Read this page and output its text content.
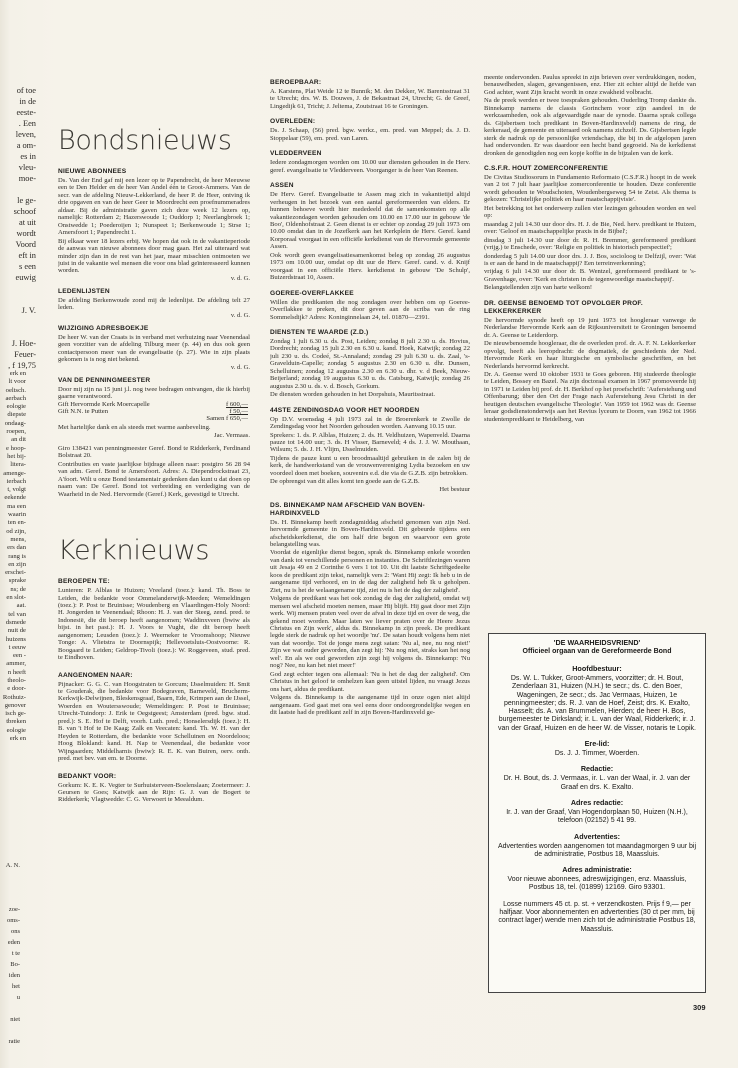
of toe
in de
eeste-
. Een
leven,
a om-
es in
vleu-
moe-

le ge-
schoof
at uit
wordt
Voord
eft in
s een
euwig

J. V.

J. Hoe-
Feuer-
, f 19,75
erk en
lt voor
oeltsch.
aerbach
eologie
diepste
ondaag-
roepen,
an dit
e hoop-
het bij-
litera-
amenge-
ierbach
t, volgt
eekende
ma een
waarin
ten en-
od zijn,
mens,
ers dan
rang is
en zijn
erschei-
sprake
ns; de
en slot-
aat.
tel van
dsmede
nuit de
huizens
t eeuw
een -
ammer,
n heeft
theolo-
e door-
Rothuiz-
genover
isch ge-
tbreken
eologie
erk en
A. N.

zoe-
oms-
ons
eden
t te
Bo-
iden
het
u

niet

ratie
Bondsnieuws
NIEUWE ABONNEES

Ds. Van der End gaf mij een lezer op te Papendrecht, de heer Meeuwse een te Den Helder en de heer Van Andel één te Groot-Ammers. Van de secr. van de afdeling Nieuw-Lekkerland, de heer P. de Heer, ontving ik drie opgaven en van de heer Geer te Moordrecht een proefnummeradres aldaar. Bij de administratie gaven zich deze week 12 lezers op, namelijk: Rotterdam 2; Hazerswoude 1; Ouddorp 1; Neerlangbroek 1; Onstwedde 1; Poederoijen 1; Nunspeet 1; Berkenwoude 1; Strse 1; Amersfoort 1; Papendrecht 1.

Bij elkaar weer 18 lezers erbij. We hopen dat ook in de vakantieperiode de aanwas van nieuwe abonnees door mag gaan. Het zal uiteraard wat minder zijn dan in de rest van het jaar, maar misschien ontmoeten we juist in de vakantie wel mensen die voor ons blad geïnteresseerd kunnen worden.

v. d. G.
LEDENLIJSTEN

De afdeling Berkenwoude zond mij de ledenlijst. De afdeling telt 27 leden.

v. d. G.
WIJZIGING ADRESBOEKJE

De heer W. van der Craats is in verband met verhuizing naar Veenendaal geen vorzitter van de afdeling Tilburg meer (p. 44) en dus ook geen contactpersoon meer van de evangelisatie (p. 27). Wie in zijn plaats gekomen is is nog niet bekend.

v. d. G.
VAN DE PENNINGMEESTER

Door mij zijn na 15 juni j.l. nog twee bedragen ontvangen, die ik hierbij gaarne verantwoord.

Gift Hervormde Kerk Moercapelle	f 600,—
Gift N.N. te Putten	f 50,—
Samen f 650,—

Met hartelijke dank en als steeds met warme aanbeveling.

Jac. Vermaas.

Giro 138421 van penningmeester Geref. Bond te Ridderkerk, Ferdinand Bolstraat 20.

Contributies en vaste jaarlijkse bijdrage alleen naar: postgiro 56 28 94 van adm. Geref. Bond te Amersfoort. Adres: A. Diependrockstraat 23, A'foort. Wilt u onze Bond testamentair gedenken dan kunt u dat doen op naam van: De Geref. Bond tot verbreiding en verdediging van de Waarheid in de Ned. Hervormde (Geref.) Kerk, gevestigd te Utrecht.

Kerknieuws
BEROEPEN TE:

Lunteren: P. Alblas te Huizen; Vreeland (toez.): kand. Th. Boss te Leiden, die bedankte voor Ommelanderwijk-Meeden; Wemeldingen (toez.): P. Post te Bruinisse; Woudenberg en Vlaardingen-Holy Noord: H. Jongerden te Veenendaal; Rhoon: H. J. van der Steeg, zend. pred. te Indonesië, die dit beroep heeft aangenomen; Waddinxveen (bwiw als bijst. in het past.): H. J. Voors te Vught, die dit beroep heeft aangenomen; Leusden (toez.): J. Weerneker te Vroomshoop; Nieuwe Tonge: A. Vlietstra te Doornspijk; Hellevoetsluis-Oostvoorne: R. Boogaard te Leiden; Geldrop-Tivoli (toez.): W. Roggeveen, stud. pred. te Eindhoven.

AANGENOMEN NAAR:

Pijnacker: G. G. C. van Hoogstraten te Gorcum; IJsselmuiden: H. Smit te Gouderak, die bedankte voor Bodegraven, Barneveld, Brucherm-Kerkwijk-Delwijnen, Bleskensgraaf, Baarn, Ede, Krimpen aan de IJssel, Woerden en Woutersswoude; Wemeldingen: P. Post te Bruinisse; Utrecht-Tuindorp: J. Erik te Oegstgeest; Amsterdam (pred. bgw. stud. pred.): S. E. Hof te Delft, voorh. Luth. pred.; Honselersdijk (toez.): H. B. van 't Hof te De Kaag; Zalk en Veecaten: kand. Th. W. H. van der Heyden te Rotterdam, die bedankte voor Schelluinen en Noordeloos; Hoog Blokland: kand. H. Nap te Veenendaal, die bedankte voor Wijngaarden; Middelharnis (bwiw): R. E. K. van Buiren, oerv. onth. pred. met bev. van em. te Doorne.

BEDANKT VOOR:

Gorkum: K. E. K. Vegter te Surhuisterveen-Boelenslaan; Zoetermeer: J. Geursen te Goes; Katwijk aan de Rijn: G. J. van de Bogert te Ridderkerk; Vlagtwedde: C. G. Verwoert te Meealdum.

BEROEPBAAR:

A. Karstens, Plat Weide 12 te Bunnik; M. den Dekker, W. Barentsstraat 31 te Utrecht; drs. W. B. Douwes, J. de Bekastraat 24, Utrecht; G. de Greef, Lingedijk 61, Tricht; J. Jeltema, Zoutstraat 16 te Groningen.

OVERLEDEN:

Ds. J. Schaap, (56) pred. bgw. werkz., em. pred. van Meppel; ds. J. D. Stoppelaar (59), em. pred. van Laren.

VLEDDERVEEN

Iedere zondagmorgen worden om 10.00 uur diensten gehouden in de Herv. geref. evangelisatie te Vledderveen. Voorganger is de heer Van Reenen.

ASSEN

De Herv. Geref. Evangelisatie te Assen mag zich in vakantietijd altijd verheugen in het bezoek van een aantal gereformeerden van elders. Er hunnen behoeve wordt hier mededeeld dat de samenkomsten op alle vakantiezondagen worden gehouden om 10.00 en 17.00 uur in gebouw 'de Boo', Oldenhofstraat 2. Geen dienst is er echter op zondag 29 juli 1973 om 10.00 omdat dan in de Jozefkerk aan het Kerkplein de Herv. Geref. kand Korporaal voorgaat in een officiële kerkdienst van de Hervormde gemeente Assen.

Ook wordt geen evangelisatiesamenkomst beleg op zondag 26 augustus 1973 om 10.00 uur, omdat op dit uur de Herv. Geref. cand. v. d. Knijf voorgaat in een officiële Herv. kerkdienst in gebouw 'De Schulp', Buizerdstraat 10, Assen.

GOEREE-OVERFLAKKEE

Willen die predikanten die nog zondagen over hebben om op Goeree-Overflakkee te preken, dit door geven aan de scriba van de ring Sommelsdijk? Adres: Koninginnelaan 24, tel. 01870—2391.

DIENSTEN TE WAARDE (Z.D.)

Zondag 1 juli 6.30 u. ds. Post, Leiden; zondag 8 juli 2.30 u. ds. Hovius, Dordrecht; zondag 15 juli 2.30 en 6.30 u. kand. Hoek, Katwijk; zondag 22 juli 230 u. ds. Codeé, St.-Annaland; zondag 29 juli 6.30 u. ds. Zaal, 's-Gravelduin-Capelle; zondag 5 augustus 2.30 en 6.30 u. dhr. Dunsen, Schelluinen; zondag 12 augustus 2.30 en 6.30 u. dhr. v. d Beek, Nieuw-Beijerland; zondag 19 augustus 6.30 u. ds. Catsburg, Katwijk; zondag 26 augustus 2.30 u. ds. v. d. Bosch, Gorkum.

De diensten worden gehouden in het Dorpshuis, Mauritsstraat.

44STE ZENDINGSDAG VOOR HET NOORDEN

Op D.V. woensdag 4 juli 1973 zal in de Broerenkerk te Zwolle de Zendingsdag voor het Noorden gehouden worden. Aanvang 10.15 uur.

Sprekers: 1. ds. P. Alblas, Huizen; 2. ds. H. Veldhuizen, Wapenveld. Daarna pauze tot 14.00 uur; 3. ds. H Visser, Barneveld; 4 ds. J. J. W. Mouthaan, Wilsum; 5. ds. J. H. Vlijm, IJsselmuiden.

Tijdens de pauze kunt u een broodmaaltijd gebruiken in de zalen bij de kerk, de handwerkstand van de vrouwenvereniging Lydia bezoeken en uw voordeel doen met boeken, souvenirs e.d. die via de G.Z.B. zijn betrokken.

De opbrengst van dit alles komt ten goede aan de G.Z.B.

Het bestuur
DS. BINNEKAMP NAM AFSCHEID VAN BOVEN-HARDINXVELD

Ds. H. Binnekamp heeft zondagmiddag afscheid genomen van zijn Ned. hervormde gemeente in Boven-Hardinxveld. Dit gebeurde tijdens een afscheidskerkdienst, die om half drie begon en waarvoor een grote belangstelling was.

Voordat de eigenlijke dienst begon, sprak ds. Binnekamp enkele woorden van dank tot verschillende personen en instanties. De Schriftlezingen waren uit Jesaja 49 en 2 Corinthe 6 vers 1 tot 10. Uit dit laatste Schriftgedeelte koos de predikant zijn tekst, namelijk vers 2: 'Want Hij zegt: Ik heb u in de aangename tijd verhoord, en in de dag der zaligheid heb Ik u geholpen. Ziet, nu is het de welaangename tijd, ziet nu is het de dag der zaligheid'.

Volgens de predikant was het ook zondag de dag der zaligheid, omdat wij mensen wel afscheid moeten nemen, maar Hij blijft. Hij gaat door met Zijn werk. Wij mensen praten veel over de afval in deze tijd en over de weg, die gekend moet worden. Maar laten we liever praten over de Heere Jezus Christus en Zijn werk', aldus ds. Binnekamp in zijn preek. De predikant legde sterk de nadruk op het woordje 'nu'. De satan houdt volgens hem niet van dat woordje. Tot de jonge mens zegt satan: 'Nu al, nee, nu nog niet!' Zijn we wat ouder geworden, dan zegt hij: 'Nu nog niet, straks kan het nog wel'. En als we oud geworden zijn zegt hij volgens ds. Binnekamp: 'Nu nog? Nee, nu kan het niet meer!'

God zegt echter tegen ons allemaal: 'Nu is het de dag der zaligheid'. Om Christus in het geloof te omhelzen kan geen uitstel lijden, nu vraagt Jezus ons hart, aldus de predikant.

Volgens ds. Binnekamp is die aangename tijd in onze ogen niet altijd aangenaam. God gaat met ons wel eens door ondoorgrondelijke wegen en dit laatste had de predikant zelf in zijn Boven-Hardinxveld ge-

meente ondervonden. Paulus spreekt in zijn brieven over verdrukkingen, noden, benauwdheden, slagen, gevangenissen, enz. Hier zit echter altijd de liefde van God achter, want Zijn kracht wordt in onze zwakheid volbracht.

Na de preek werden er twee toespraken gehouden. Ouderling Tromp dankte ds. Binnekamp namens de classis Gorinchem voor zijn aandeel in de werkzaamheden, ook als afgevaardigde naar de synode. Daarna sprak collega ds. Gijsbertsen toch predikant in Boven-Hardinxveld) namens de ring, de kerkeraad, de gemeente en uiteraard ook namens zichzelf. Ds. Gijsbertsen legde sterk de nadruk op de persoonlijke vriendschap, die bij in de afgelopen jaren had ondervonden. Er was daardoor een hecht band gegroeid. Na de kerkdienst dronken de genodigden nog een kopje koffie in de bijzalen van de kerk.

C.S.F.R. HOUT ZOMERCONFERENTIE

De Civitas Studiosorum in Fundamento Reformato (C.S.F.R.) hoopt in de week van 2 tot 7 juli haar jaarlijkse zomerconferentie te houden. Deze conferentie wordt gehouden te Woudschoten, Woudenbergseweg 54 te Zeist. Als thema is gekozen: 'Christelijke politiek en haar maatschappijvisie'.

Het betrekking tot het onderwerp zullen vier lezingen gehouden worden en wel op:

maandag 2 juli 14.30 uur door drs. H. J. de Bie, Ned. herv. predikant te Huizen, over: 'Geloof en maatschappelijke praxis in de Bijbel';

dinsdag 3 juli 14.30 uur door dr. R. H. Bremmer, gereformeerd predikant (vrijg.) te Enschede, over: 'Religie en politiek in historisch perspectief';

donderdag 5 juli 14.00 uur door drs. J. J. Bos, socioloog te Delfzijl, over: 'Wat is er aan de hand in de maatschappij? Een terreinverkenning';

vrijdag 6 juli 14.30 uur door dr. B. Wentzel, gereformeerd predikant te 's-Gravenhage, over: 'Kerk en christen in de tegenwoordige maatschappij'.

Belangstellenden zijn van harte welkom!

DR. GEENSE BENOEMD TOT OPVOLGER PROF. LEKKERKERKER

De hervormde synode heeft op 19 juni 1973 tot hoogleraar vanwege de Nederlandse Hervormde Kerk aan de Rijksuniversiteit te Groningen benoemd dr. A. Geense te Leiderdorp.

De nieuwbenoemde hoogleraar, die de overleden prof. dr. A. F. N. Lekkerkerker opvolgt, heeft als leeropdracht: de dogmatiek, de geschiedenis der Ned. Hervormde Kerk en haar liturgische en symbolische geschriften, en het Nederlands hervormd kerkrecht.

Dr. A. Geense werd 10 oktober 1931 te Goes geboren. Hij studeerde theologie te Leiden, Bossey en Bazel. Na zijn doctoraal examen in 1967 promoveerde hij in 1971 te Leiden bij prof. dr. H. Berkhof op het proefschrift: 'Auferstehung und Offenbarung; über den Ort der Frage nach Auferstehung Jesu Christi in der heutigen deutschen evangelische Theologie'. Van 1959 tot 1962 was dr. Geense leraar godsdienstonderwijs aan het Revius lyceum te Doorn, van 1962 tot 1966 studentenpredikant te Heidelberg, van

'DE WAARHEIDSVRIEND'
Officieel orgaan van de Gereformeerde Bond
Hoofdbestuur:
Ds. W. L. Tukker, Groot-Ammers, voorzitter; dr. H. Bout, Zenderlaan 31, Huizen (N.H.) te secr.; ds. C. den Boer, Wageningen, 2e secr.; ds. Jac Vermaas, Huizen, 1e penningmeester; ds. R. J. van de Hoef, Zeist; drs. K. Exalto, Hasselt; ds. A. van Brummelen, Hierden; de heer H. Bos, burgemeester te Dirksland; ir. L. van der Waal, Ridderkerk; ir. J. van der Graaf, Huizen en de heer W. de Visser, notaris te Lopik.
Ere-lid:
Ds. J. J. Timmer, Woerden.
Redactie:
Dr. H. Bout, ds. J. Vermaas, ir. L. van der Waal, ir. J. van der Graaf en drs. K. Exalto.
Adres redactie:
Ir. J. van der Graaf, Van Hogendorplaan 50, Huizen (N.H.), telefoon (02152) 5 41 99.
Advertenties:
Advertenties worden aangenomen tot maandagmorgen 9 uur bij de administratie, Postbus 18, Maassluis.
Adres administratie:
Voor nieuwe abonnees, adreswijzigingen, enz. Maassluis, Postbus 18, tel. (01899) 12169. Giro 93301.
Losse nummers 45 ct. p. st. + verzendkosten. Prijs f 9,— per halfjaar. Voor abonnementen en advertenties (30 ct per mm, bij contract lager) wende men zich tot de administratie Postbus 18, Maassluis.
309
